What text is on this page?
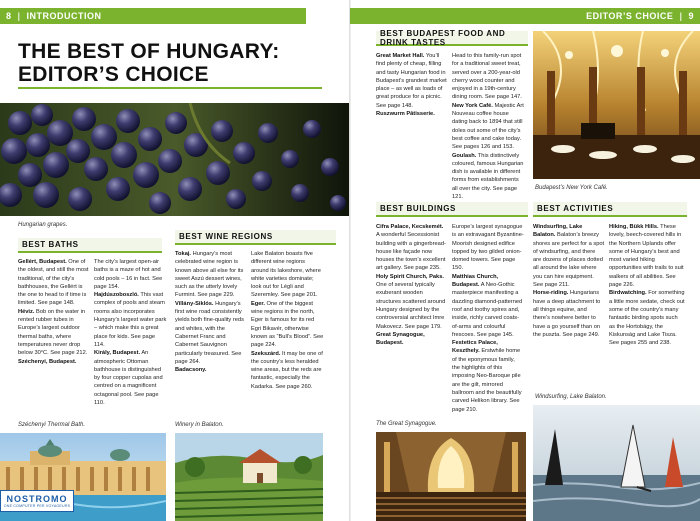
8 | INTRODUCTION
THE BEST OF HUNGARY: EDITOR’S CHOICE
Hungarian grapes.
BEST BATHS

Gellért, Budapest. One of the oldest, and still the most traditional, of the city’s bathhouses, the Gellért is the one to head to if time is limited. See page 148.

Héviz. Bob on the water in rented rubber tubes in Europe’s largest outdoor thermal baths, where temperatures never drop below 30°C. See page 212.

Széchenyi, Budapest.

The city’s largest open-air baths is a maze of hot and cold pools – 16 in fact. See page 154.

Hajdúszoboszló. This vast complex of pools and steam rooms also incorporates Hungary’s largest water park – which make this a great place for kids. See page 114.

Király, Budapest. An atmospheric Ottoman bathhouse is distinguished by four copper cupolas and centred on a magnificent octagonal pool. See page 110.

BEST WINE REGIONS

Tokaj. Hungary’s most celebrated wine region is known above all else for its sweet Aszú dessert wines, such as the utterly lovely Furmint. See page 229.

Villány-Siklós. Hungary’s first wine road consistently yields both fine-quality reds and whites, with the Cabernet Franc and Cabernet Sauvignon particularly treasured. See page 264.

Badacsony.

Lake Balaton boasts five different wine regions around its lakeshore, where white varieties dominate; look out for Légli and Szeremley. See page 201.

Eger. One of the biggest wine regions in the north, Eger is famous for its red Egri Bikavér, otherwise known as “Bull’s Blood”. See page 224.

Szekszárd. It may be one of the country’s less heralded wine areas, but the reds are fantastic, especially the Kadarka. See page 260.

Széchenyi Thermal Bath.	Winery in Balaton.
NOSTROMO
ONE COMPUTER PER VOYAGEURS
EDITOR’S CHOICE | 9
BEST BUDAPEST FOOD AND DRINK TASTES

Great Market Hall. You’ll find plenty of cheap, filling and tasty Hungarian food in Budapest’s grandest market place – as well as loads of great produce for a picnic. See page 148.

Ruszwurm Pâtisserie.

Head to this family-run spot for a traditional sweet treat, served over a 200-year-old cherry wood counter and enjoyed in a 19th-century dining room. See page 147.

New York Café. Majestic Art Nouveau coffee house dating back to 1894 that still doles out some of the city’s best coffee and cake today. See pages 126 and 153.

Goulash. This distinctively coloured, famous Hungarian dish is available in different forms from establishments all over the city. See page 121.

Budapest’s New York Café.
BEST BUILDINGS

Cifra Palace, Kecskemét. A wonderful Secessionist building with a gingerbread-house like façade now houses the town’s excellent art gallery. See page 235.

Holy Spirit Church, Paks. One of several typically exuberant wooden structures scattered around Hungary designed by the controversial architect Imre Makovecz. See page 179.

Great Synagogue, Budapest.

Europe’s largest synagogue is an extravagant Byzantine-Moorish designed edifice topped by two gilded onion-domed towers. See page 150.

Matthias Church, Budapest. A Neo-Gothic masterpiece manifesting a dazzling diamond-patterned roof and toothy spires and, inside, richly carved coats-of-arms and colourful frescoes. See page 145.

Festetics Palace, Keszthely. Erstwhile home of the eponymous family, the highlights of this imposing Neo-Baroque pile are the gilt, mirrored ballroom and the beautifully carved Helikon library. See page 210.

BEST ACTIVITIES

Windsurfing, Lake Balaton. Balaton’s breezy shores are perfect for a spot of windsurfing, and there are dozens of places dotted all around the lake where you can hire equipment. See page 211.

Horse-riding. Hungarians have a deep attachment to all things equine, and there’s nowhere better to have a go yourself than on the puszta. See page 249.

Hiking, Bükk Hills. These lovely, beech-covered hills in the Northern Uplands offer some of Hungary’s best and most varied hiking opportunities with trails to suit walkers of all abilities. See page 226.

Birdwatching. For something a little more sedate, check out some of the country’s many fantastic birding spots such as the Hortobágy, the Kiskunság and Lake Tisza. See pages 255 and 238.

The Great Synagogue.
Windsurfing, Lake Balaton.
